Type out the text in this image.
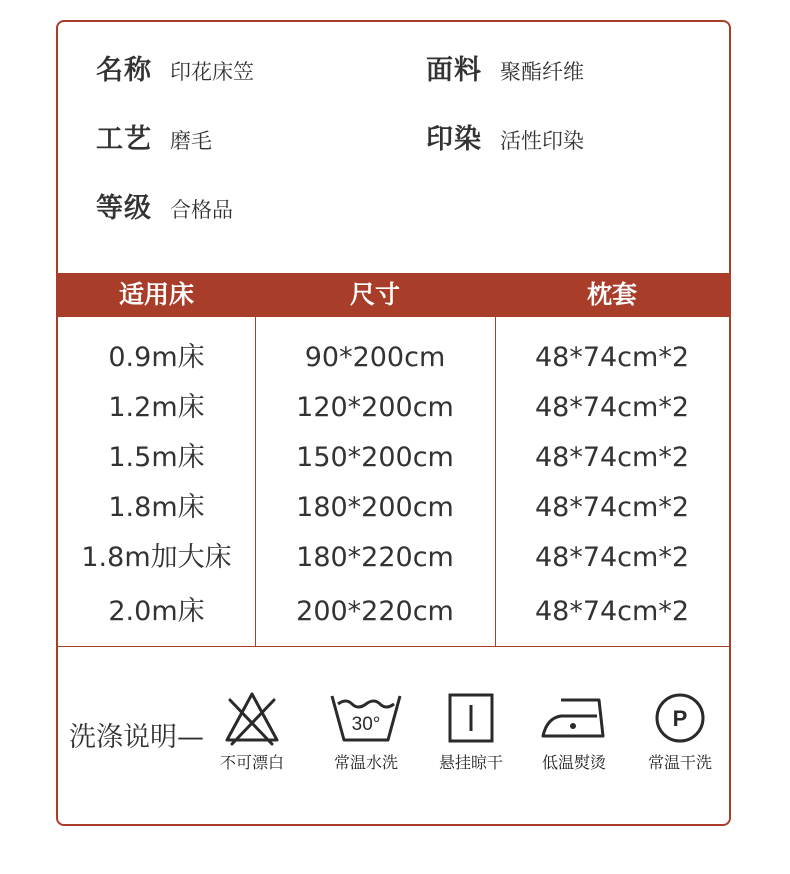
名称 印花床笠	面料 聚酯纤维
工艺 磨毛	印染 活性印染
等级 合格品
适用床	尺寸	枕套
0.9m床	90*200cm	48*74cm*2
1.2m床	120*200cm	48*74cm*2
1.5m床	150*200cm	48*74cm*2
1.8m床	180*200cm	48*74cm*2
1.8m加大床	180*220cm	48*74cm*2
2.0m床	200*220cm	48*74cm*2
洗涤说明—
不可漂白
30°
常温水洗	悬挂晾干	低温熨烫
P
常温干洗
